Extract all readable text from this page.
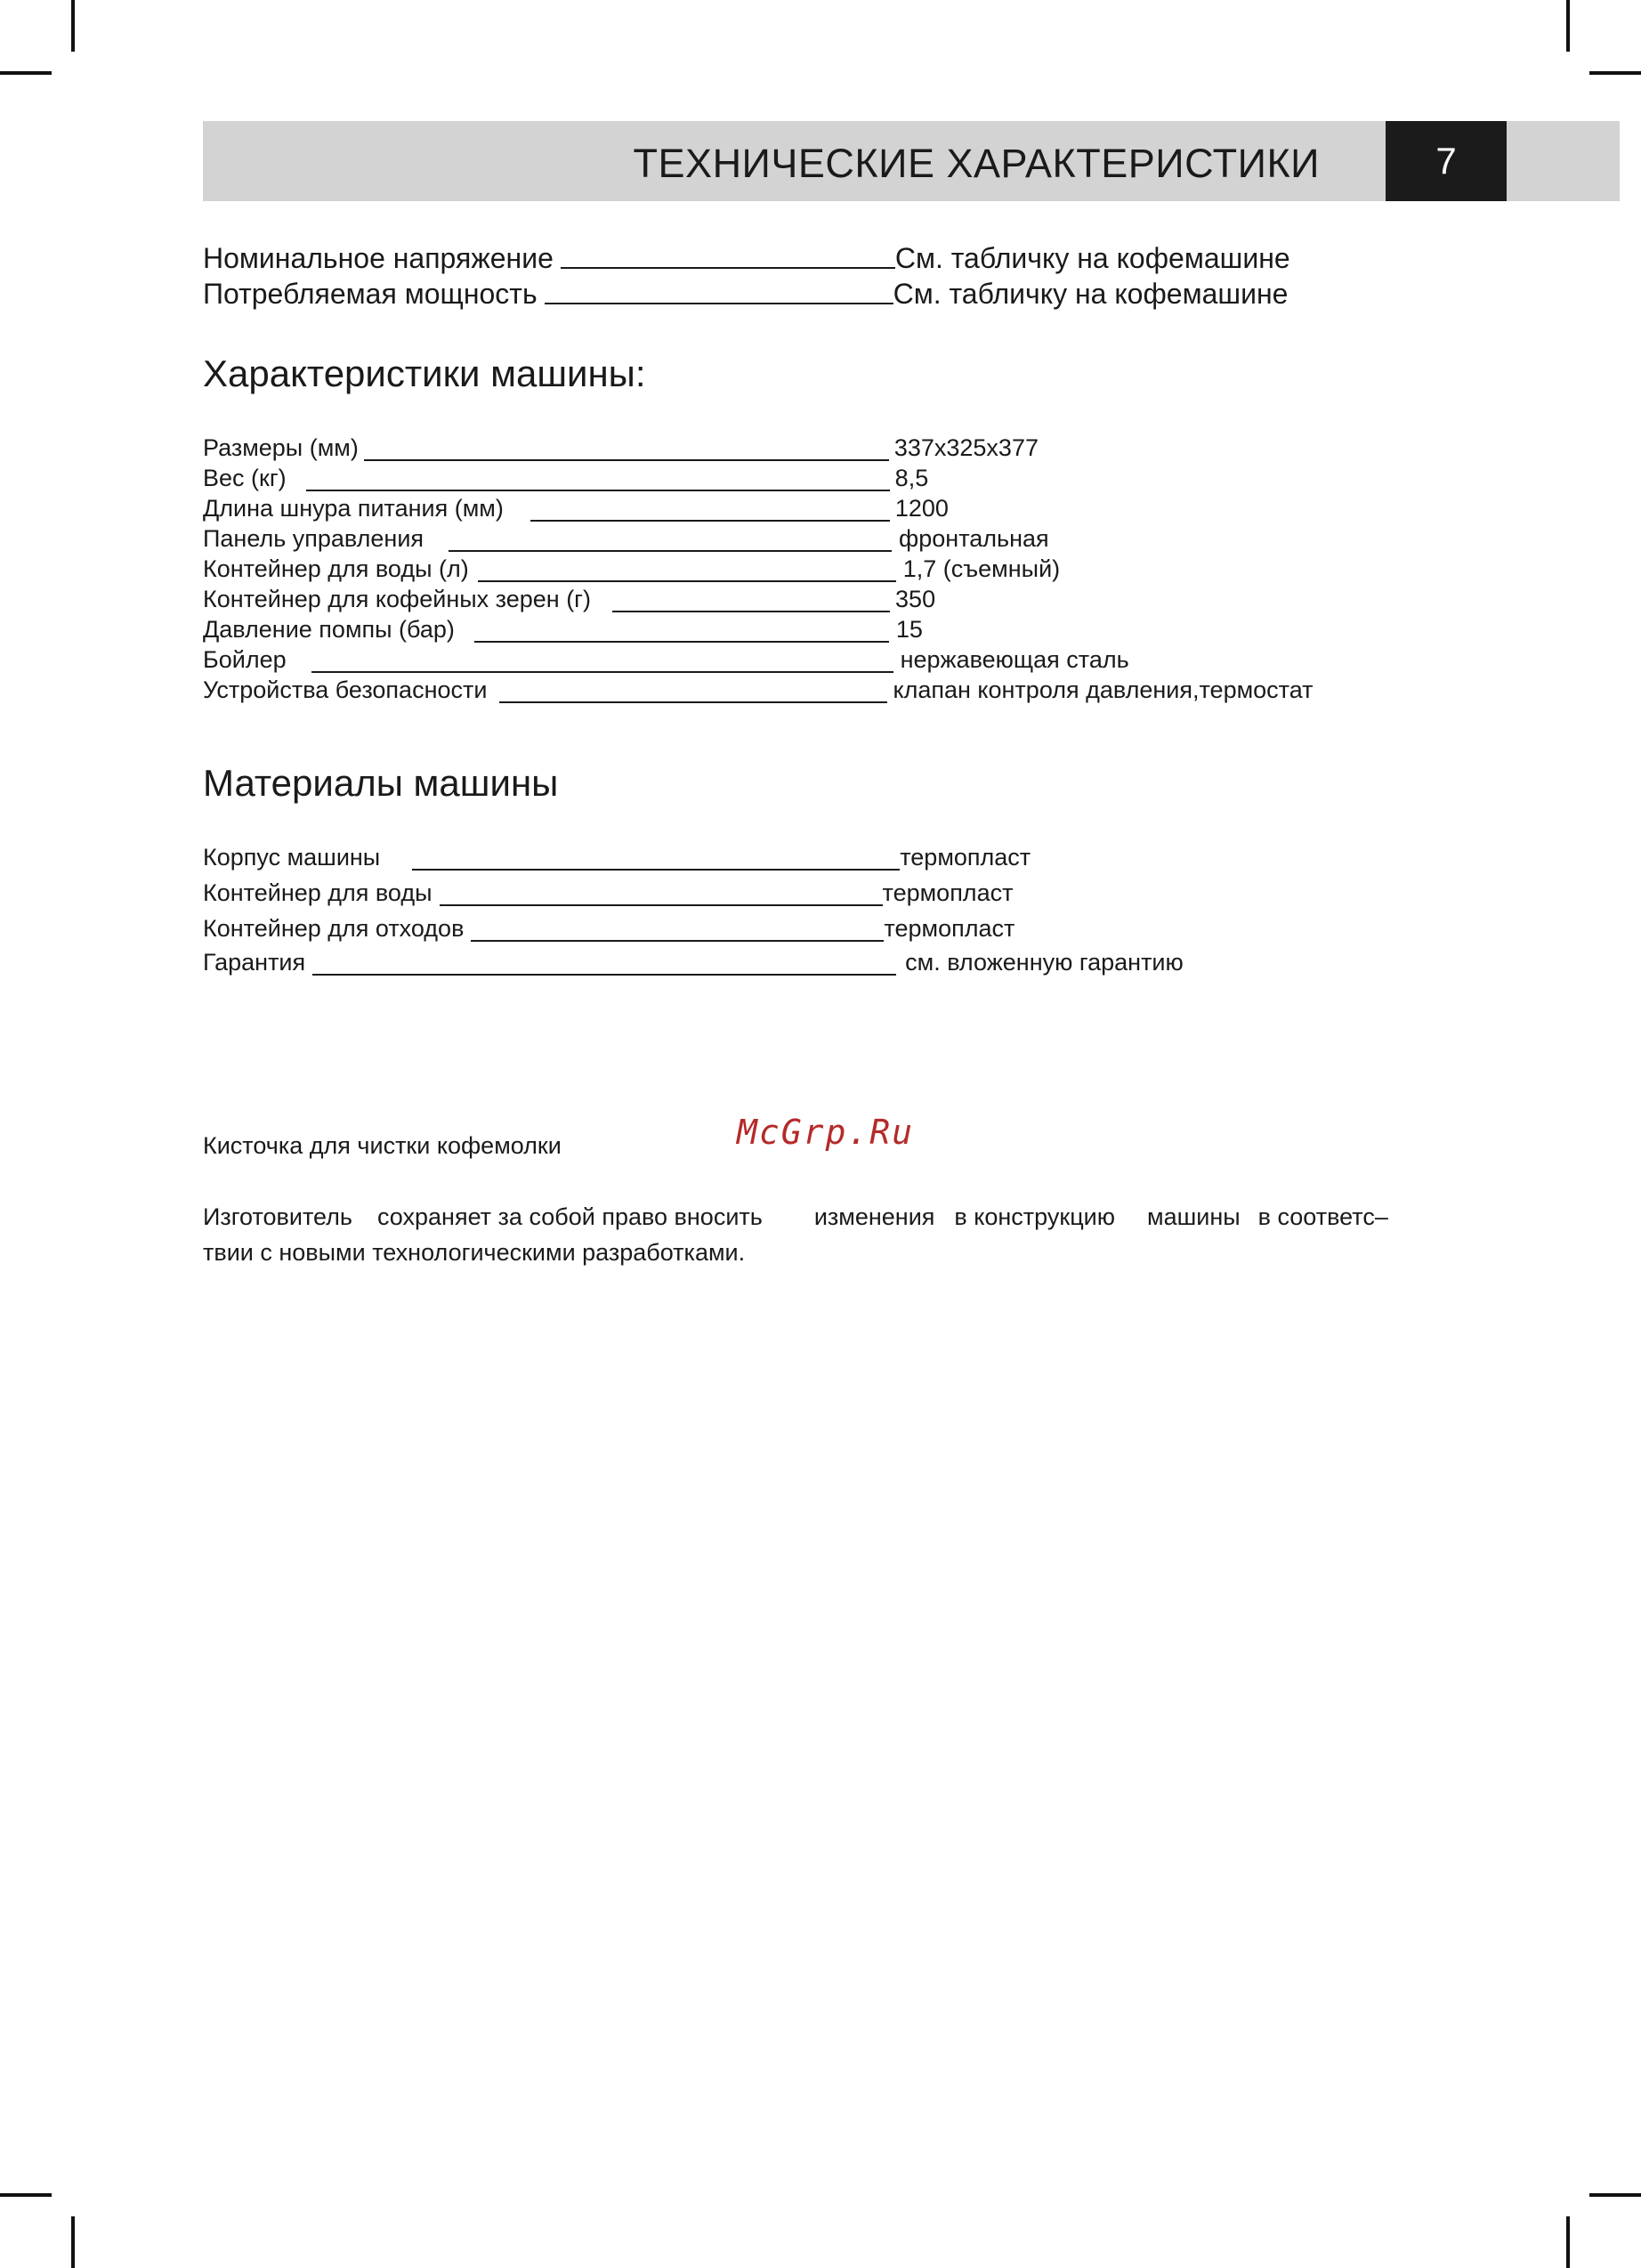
ТЕХНИЧЕСКИЕ ХАРАКТЕРИСТИКИ	7
Номинальное напряжение	См. табличку на кофемашине
Потребляемая мощность	См. табличку на кофемашине
Характеристики машины:
Размеры (мм)	337x325x377
Вес (кг)	8,5
Длина шнура питания (мм)	1200
Панель управления	фронтальная
Контейнер для воды (л)	1,7 (съемный)
Контейнер для кофейных зерен (г)	350
Давление помпы (бар)	15
Бойлер	нержавеющая сталь
Устройства безопасности	клапан контроля давления,термостат
Материалы машины
Корпус машины	термопласт
Контейнер для воды	термопласт
Контейнер для отходов	термопласт
Гарантия	см. вложенную гарантию
Кисточка для чистки кофемолки	McGrp.Ru
Изготовитель сохраняет за собой право вносить изменения в конструкцию машины в соответс–
твии с новыми технологическими разработками.
